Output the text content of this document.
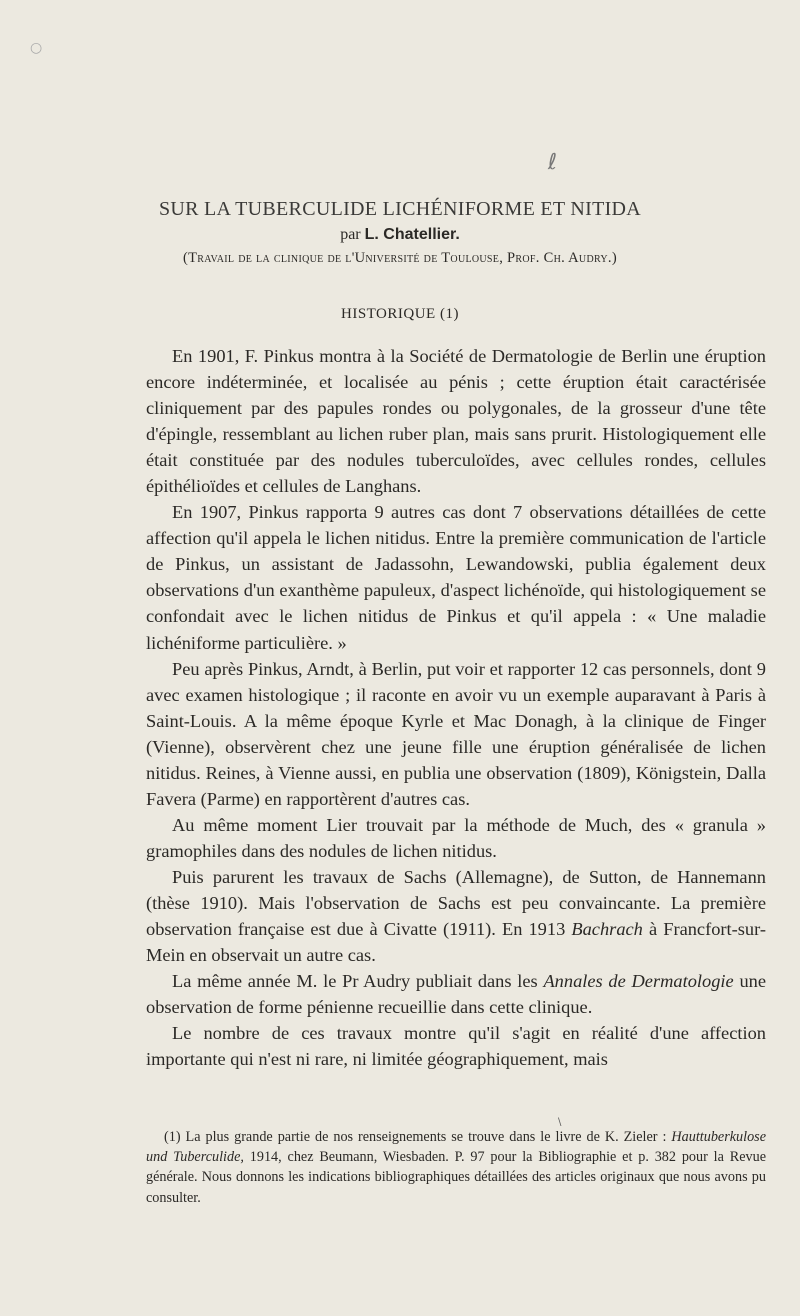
ℓ
○
SUR LA TUBERCULIDE LICHÉNIFORME ET NITIDA
par L. Chatellier.
(Travail de la clinique de l'Université de Toulouse, Prof. Ch. Audry.)
HISTORIQUE (1)

En 1901, F. Pinkus montra à la Société de Dermatologie de Berlin une éruption encore indéterminée, et localisée au pénis ; cette éruption était caractérisée cliniquement par des papules rondes ou polygonales, de la grosseur d'une tête d'épingle, ressemblant au lichen ruber plan, mais sans prurit. Histologiquement elle était constituée par des nodules tuberculoïdes, avec cellules rondes, cellules épithélioïdes et cellules de Langhans.

En 1907, Pinkus rapporta 9 autres cas dont 7 observations détaillées de cette affection qu'il appela le lichen nitidus. Entre la première communication de l'article de Pinkus, un assistant de Jadassohn, Lewandowski, publia également deux observations d'un exanthème papuleux, d'aspect lichénoïde, qui histologiquement se confondait avec le lichen nitidus de Pinkus et qu'il appela : « Une maladie lichéniforme particulière. »

Peu après Pinkus, Arndt, à Berlin, put voir et rapporter 12 cas personnels, dont 9 avec examen histologique ; il raconte en avoir vu un exemple auparavant à Paris à Saint-Louis. A la même époque Kyrle et Mac Donagh, à la clinique de Finger (Vienne), observèrent chez une jeune fille une éruption généralisée de lichen nitidus. Reines, à Vienne aussi, en publia une observation (1809), Königstein, Dalla Favera (Parme) en rapportèrent d'autres cas.

Au même moment Lier trouvait par la méthode de Much, des « granula » gramophiles dans des nodules de lichen nitidus.

Puis parurent les travaux de Sachs (Allemagne), de Sutton, de Hannemann (thèse 1910). Mais l'observation de Sachs est peu convaincante. La première observation française est due à Civatte (1911). En 1913 Bachrach à Francfort-sur-Mein en observait un autre cas.

La même année M. le Pr Audry publiait dans les Annales de Dermatologie une observation de forme pénienne recueillie dans cette clinique.

Le nombre de ces travaux montre qu'il s'agit en réalité d'une affection importante qui n'est ni rare, ni limitée géographiquement, mais

\

(1) La plus grande partie de nos renseignements se trouve dans le livre de K. Zieler : Hauttuberkulose und Tuberculide, 1914, chez Beumann, Wiesbaden. P. 97 pour la Bibliographie et p. 382 pour la Revue générale. Nous donnons les indications bibliographiques détaillées des articles originaux que nous avons pu consulter.
